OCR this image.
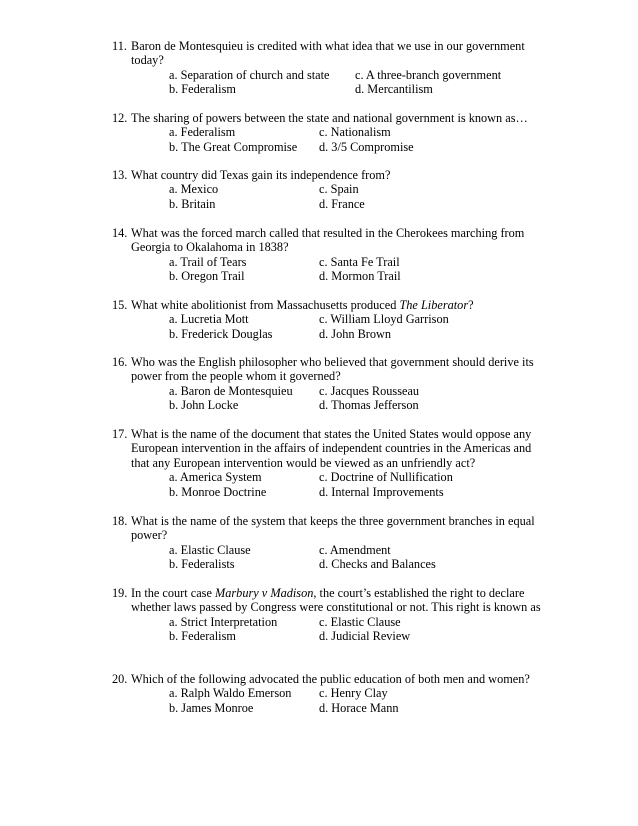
11. Baron de Montesquieu is credited with what idea that we use in our government today?
a. Separation of church and state c. A three-branch government
b. Federalism	d. Mercantilism
12. The sharing of powers between the state and national government is known as…
a. Federalism	c. Nationalism
b. The Great Compromise d. 3/5 Compromise
13. What country did Texas gain its independence from?
a. Mexico	c. Spain
b. Britain	d. France
14. What was the forced march called that resulted in the Cherokees marching from Georgia to Okalahoma in 1838?
a. Trail of Tears	c. Santa Fe Trail
b. Oregon Trail	d. Mormon Trail
15. What white abolitionist from Massachusetts produced The Liberator?
a. Lucretia Mott	c. William Lloyd Garrison
b. Frederick Douglas	d. John Brown
16. Who was the English philosopher who believed that government should derive its power from the people whom it governed?
a. Baron de Montesquieu c. Jacques Rousseau
b. John Locke	d. Thomas Jefferson
17. What is the name of the document that states the United States would oppose any European intervention in the affairs of independent countries in the Americas and that any European intervention would be viewed as an unfriendly act?
a. America System	c. Doctrine of Nullification
b. Monroe Doctrine	d. Internal Improvements
18. What is the name of the system that keeps the three government branches in equal power?
a. Elastic Clause	c. Amendment
b. Federalists	d. Checks and Balances
19. In the court case Marbury v Madison, the court’s established the right to declare whether laws passed by Congress were constitutional or not. This right is known as
a. Strict Interpretation	c. Elastic Clause
b. Federalism	d. Judicial Review
20. Which of the following advocated the public education of both men and women?
a. Ralph Waldo Emerson c. Henry Clay
b. James Monroe	d. Horace Mann
